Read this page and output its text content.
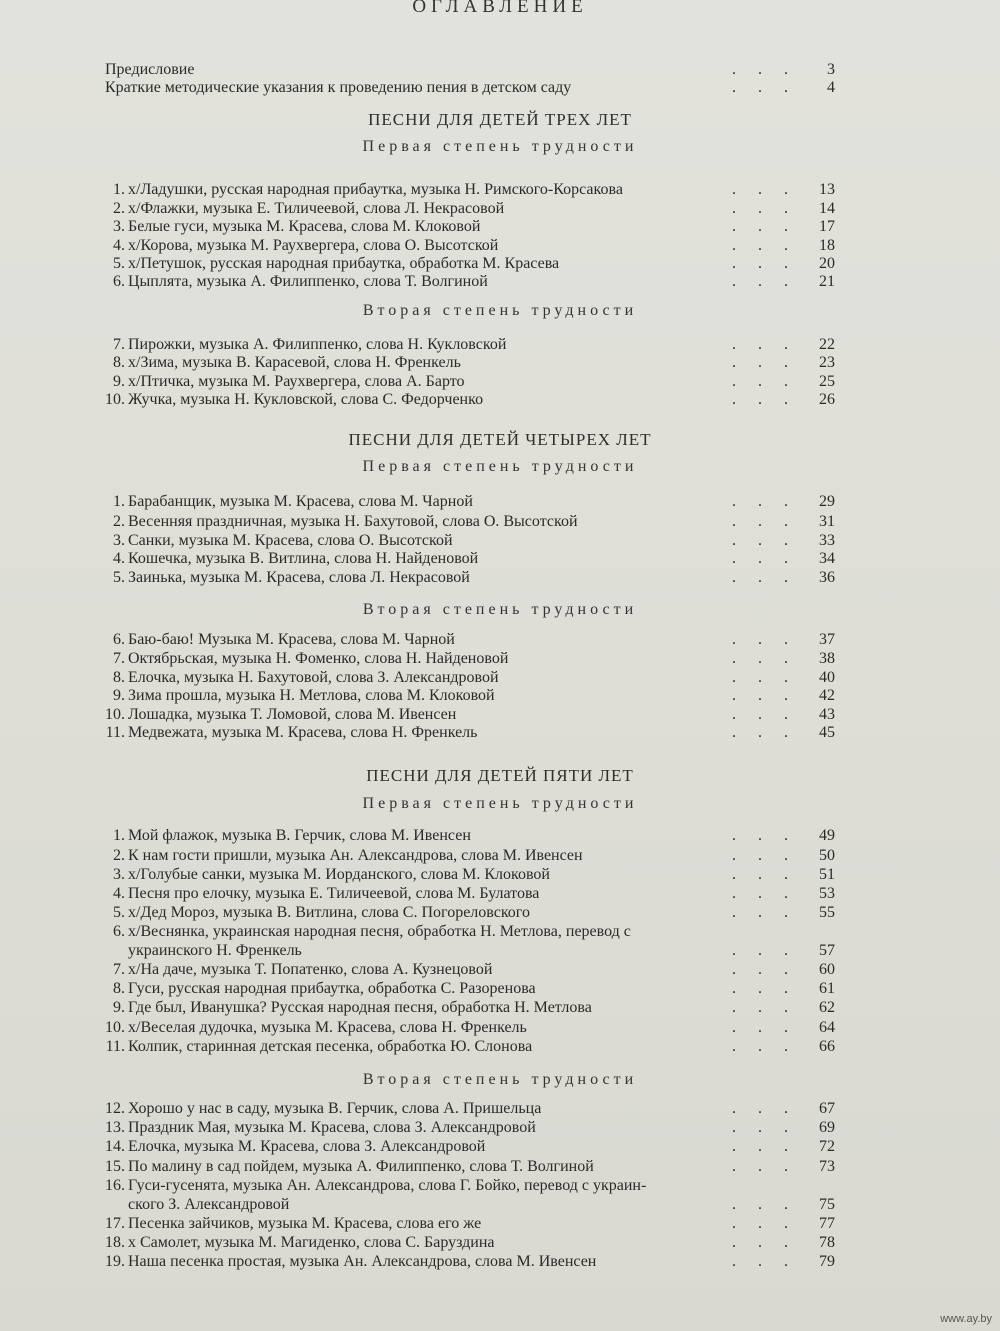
ОГЛАВЛЕНИЕ
Предисловие	. . .	3
Краткие методические указания к проведению пения в детском саду	. . .	4
1. х/Ладушки, русская народная прибаутка, музыка Н. Римского-Корсакова	. . .	13
2. х/Флажки, музыка Е. Тиличеевой, слова Л. Некрасовой	. . .	14
3. Белые гуси, музыка М. Красева, слова М. Клоковой	. . .	17
4. х/Корова, музыка М. Раухвергера, слова О. Высотской	. . .	18
5. х/Петушок, русская народная прибаутка, обработка М. Красева	. . .	20
6. Цыплята, музыка А. Филиппенко, слова Т. Волгиной	. . .	21
7. Пирожки, музыка А. Филиппенко, слова Н. Кукловской	. . .	22
8. х/Зима, музыка В. Карасевой, слова Н. Френкель	. . .	23
9. х/Птичка, музыка М. Раухвергера, слова А. Барто	. . .	25
10. Жучка, музыка Н. Кукловской, слова С. Федорченко	. . .	26
1. Барабанщик, музыка М. Красева, слова М. Чарной	. . .	29
2. Весенняя праздничная, музыка Н. Бахутовой, слова О. Высотской	. . .	31
3. Санки, музыка М. Красева, слова О. Высотской	. . .	33
4. Кошечка, музыка В. Витлина, слова Н. Найденовой	. . .	34
5. Заинька, музыка М. Красева, слова Л. Некрасовой	. . .	36
6. Баю-баю! Музыка М. Красева, слова М. Чарной	. . .	37
7. Октябрьская, музыка Н. Фоменко, слова Н. Найденовой	. . .	38
8. Елочка, музыка Н. Бахутовой, слова З. Александровой	. . .	40
9. Зима прошла, музыка Н. Метлова, слова М. Клоковой	. . .	42
10. Лошадка, музыка Т. Ломовой, слова М. Ивенсен	. . .	43
11. Медвежата, музыка М. Красева, слова Н. Френкель	. . .	45
1. Мой флажок, музыка В. Герчик, слова М. Ивенсен	. . .	49
2. К нам гости пришли, музыка Ан. Александрова, слова М. Ивенсен	. . .	50
3. х/Голубые санки, музыка М. Иорданского, слова М. Клоковой	. . .	51
4. Песня про елочку, музыка Е. Тиличеевой, слова М. Булатова	. . .	53
5. х/Дед Мороз, музыка В. Витлина, слова С. Погореловского	. . .	55
6. х/Веснянка, украинская народная песня, обработка Н. Метлова, перевод с
украинского Н. Френкель	. . .	57
7. х/На даче, музыка Т. Попатенко, слова А. Кузнецовой	. . .	60
8. Гуси, русская народная прибаутка, обработка С. Разоренова	. . .	61
9. Где был, Иванушка? Русская народная песня, обработка Н. Метлова	. . .	62
10. х/Веселая дудочка, музыка М. Красева, слова Н. Френкель	. . .	64
11. Колпик, старинная детская песенка, обработка Ю. Слонова	. . .	66
12. Хорошо у нас в саду, музыка В. Герчик, слова А. Пришельца	. . .	67
13. Праздник Мая, музыка М. Красева, слова З. Александровой	. . .	69
14. Елочка, музыка М. Красева, слова З. Александровой	. . .	72
15. По малину в сад пойдем, музыка А. Филиппенко, слова Т. Волгиной	. . .	73
16. Гуси-гусенята, музыка Ан. Александрова, слова Г. Бойко, перевод с украин-
ского З. Александровой	. . .	75
17. Песенка зайчиков, музыка М. Красева, слова его же	. . .	77
18. х Самолет, музыка М. Магиденко, слова С. Баруздина	. . .	78
19. Наша песенка простая, музыка Ан. Александрова, слова М. Ивенсен	. . .	79
www.ay.by
ПЕСНИ ДЛЯ ДЕТЕЙ ТРЕХ ЛЕТ
Первая степень трудности
Вторая степень трудности
ПЕСНИ ДЛЯ ДЕТЕЙ ЧЕТЫРЕХ ЛЕТ
Первая степень трудности
Вторая степень трудности
ПЕСНИ ДЛЯ ДЕТЕЙ ПЯТИ ЛЕТ
Первая степень трудности
Вторая степень трудности
